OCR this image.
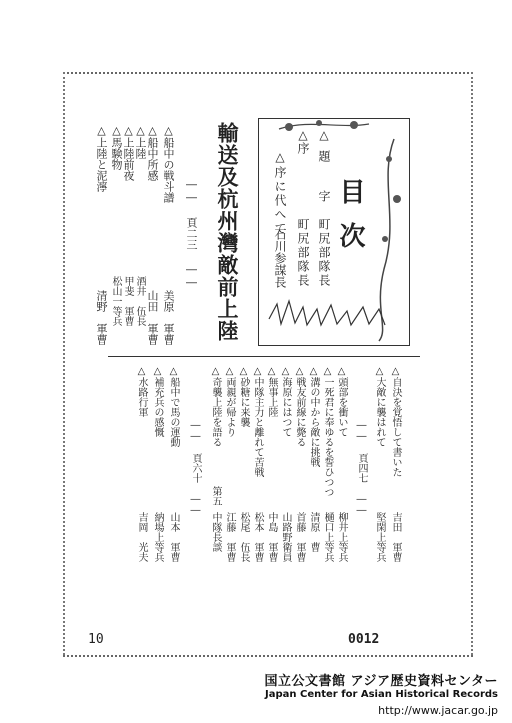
目次
△題　字
町尻部隊長
△序
町尻部隊長
△序に代へて
石川参謀長
輸送及杭州灣敵前上陸
―― 頁二三 ――
△船中の戦斗譜
美原　軍曹
△船中所感
山田　軍曹
△上陸
酒井　伍長
△上陸前夜
甲斐　軍曹
△馬験物
松山一等兵
△上陸と泥濘
清野　軍曹
△自決を覚悟して書いた
吉田　軍曹
△大敵に襲はれて
堅閑上等兵
―― 頁四七 ――
△頭部を衝いて
柳井上等兵
△一死君に奉ゆるを誓ひつつ
樋口上等兵
△溝の中から敵に挑戦
清原　曹
△戦友前線に斃る
首藤　軍曹
△海原にはつて
山路野衛員
△無事上陸
中島　軍曹
△中隊主力と離れて苦戦
松本　軍曹
△砂糖に来襲
松尾　伍長
△両親が帰より
江藤　軍曹
△奇襲上陸を語る
中隊長談
―― 頁六十 ―― 第五
△船中で馬の運動
山本　軍曹
△補充兵の感慨
納場上等兵
△水路行軍
吉岡　光夫
10	0012
国立公文書館 アジア歴史資料センター
Japan Center for Asian Historical Records
http://www.jacar.go.jp
